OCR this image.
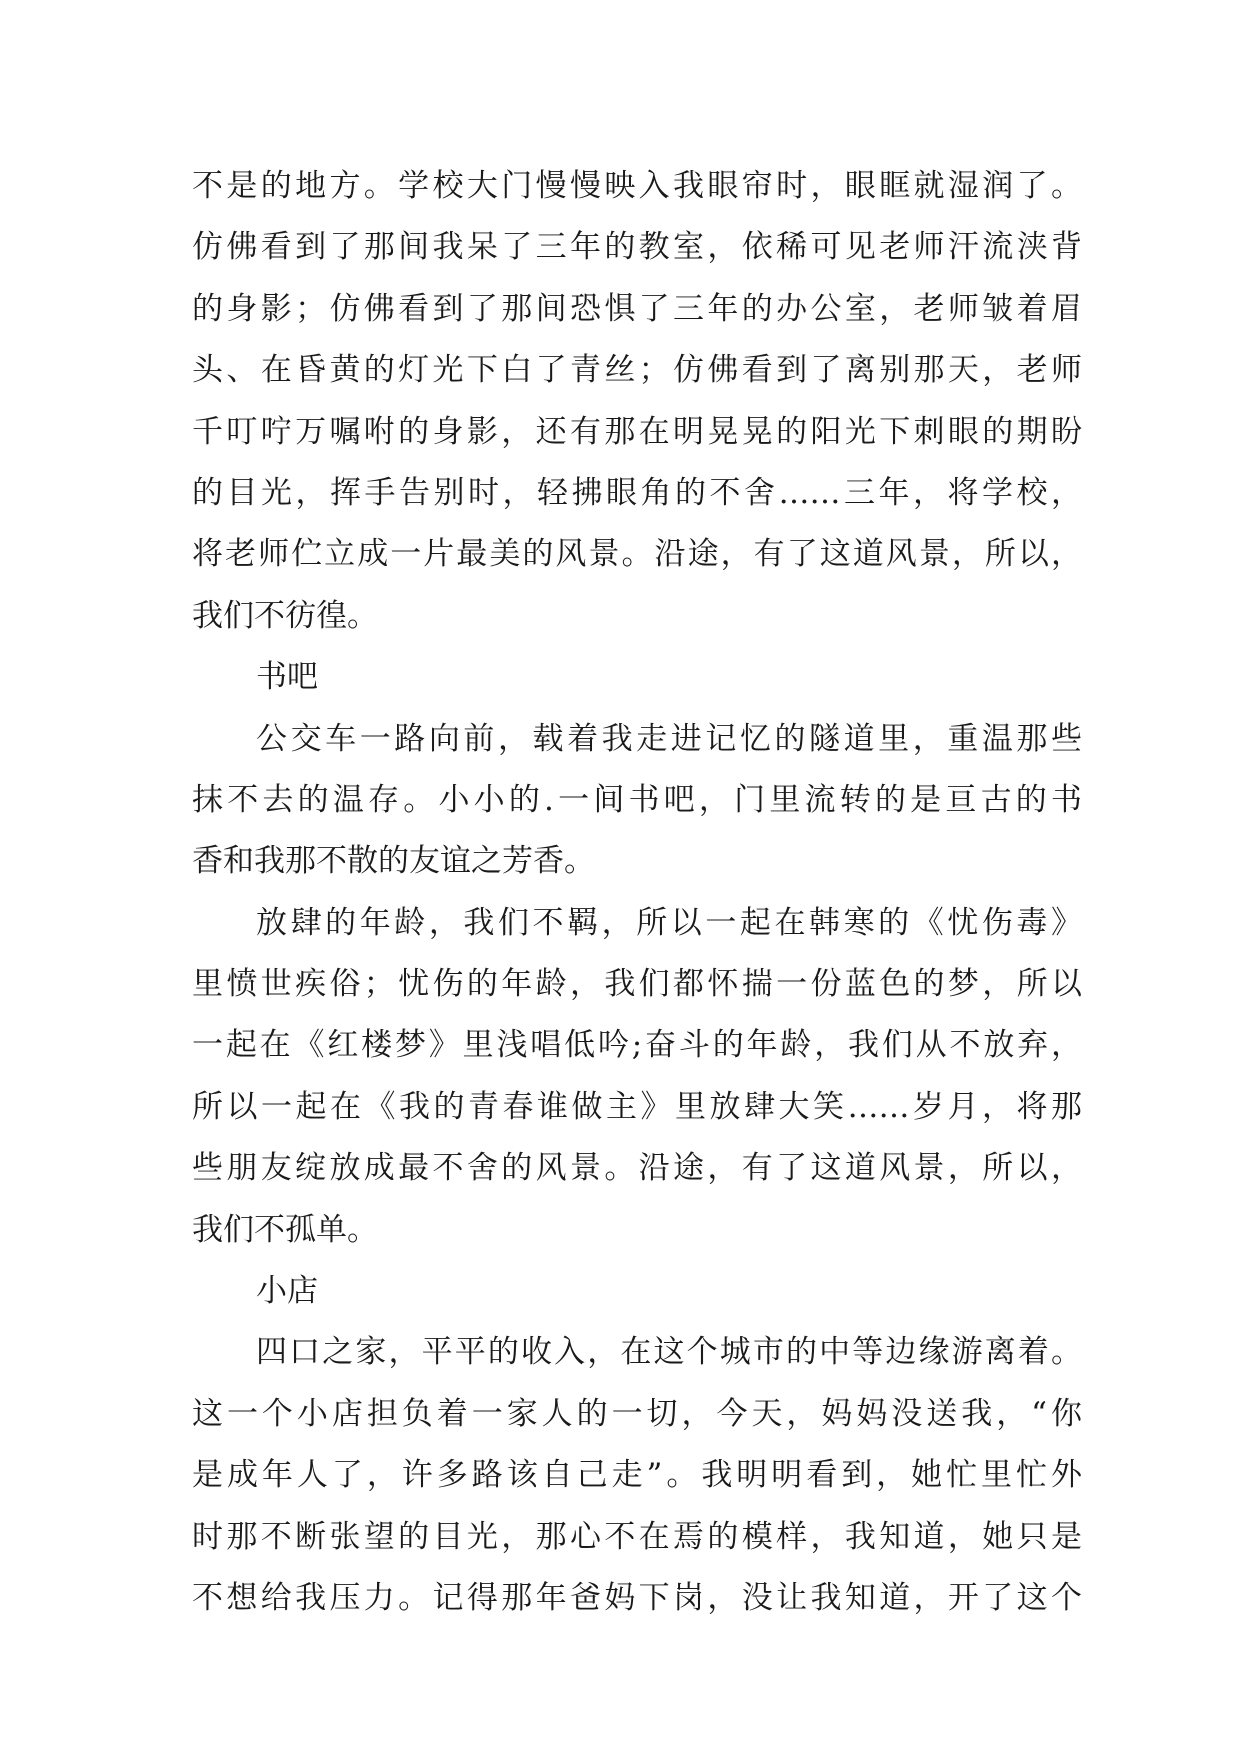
不是的地方。学校大门慢慢映入我眼帘时，眼眶就湿润了。
仿佛看到了那间我呆了三年的教室，依稀可见老师汗流浃背
的身影；仿佛看到了那间恐惧了三年的办公室，老师皱着眉
头、在昏黄的灯光下白了青丝；仿佛看到了离别那天，老师
千叮咛万嘱咐的身影，还有那在明晃晃的阳光下刺眼的期盼
的目光，挥手告别时，轻拂眼角的不舍……三年，将学校，
将老师伫立成一片最美的风景。沿途，有了这道风景，所以，
我们不彷徨。
书吧
公交车一路向前，载着我走进记忆的隧道里，重温那些
抹不去的温存。小小的.一间书吧，门里流转的是亘古的书
香和我那不散的友谊之芳香。
放肆的年龄，我们不羁，所以一起在韩寒的《忧伤毒》
里愤世疾俗；忧伤的年龄，我们都怀揣一份蓝色的梦，所以
一起在《红楼梦》里浅唱低吟;奋斗的年龄，我们从不放弃，
所以一起在《我的青春谁做主》里放肆大笑……岁月，将那
些朋友绽放成最不舍的风景。沿途，有了这道风景，所以，
我们不孤单。
小店
四口之家，平平的收入，在这个城市的中等边缘游离着。
这一个小店担负着一家人的一切，今天，妈妈没送我，“你
是成年人了，许多路该自己走”。我明明看到，她忙里忙外
时那不断张望的目光，那心不在焉的模样，我知道，她只是
不想给我压力。记得那年爸妈下岗，没让我知道，开了这个
